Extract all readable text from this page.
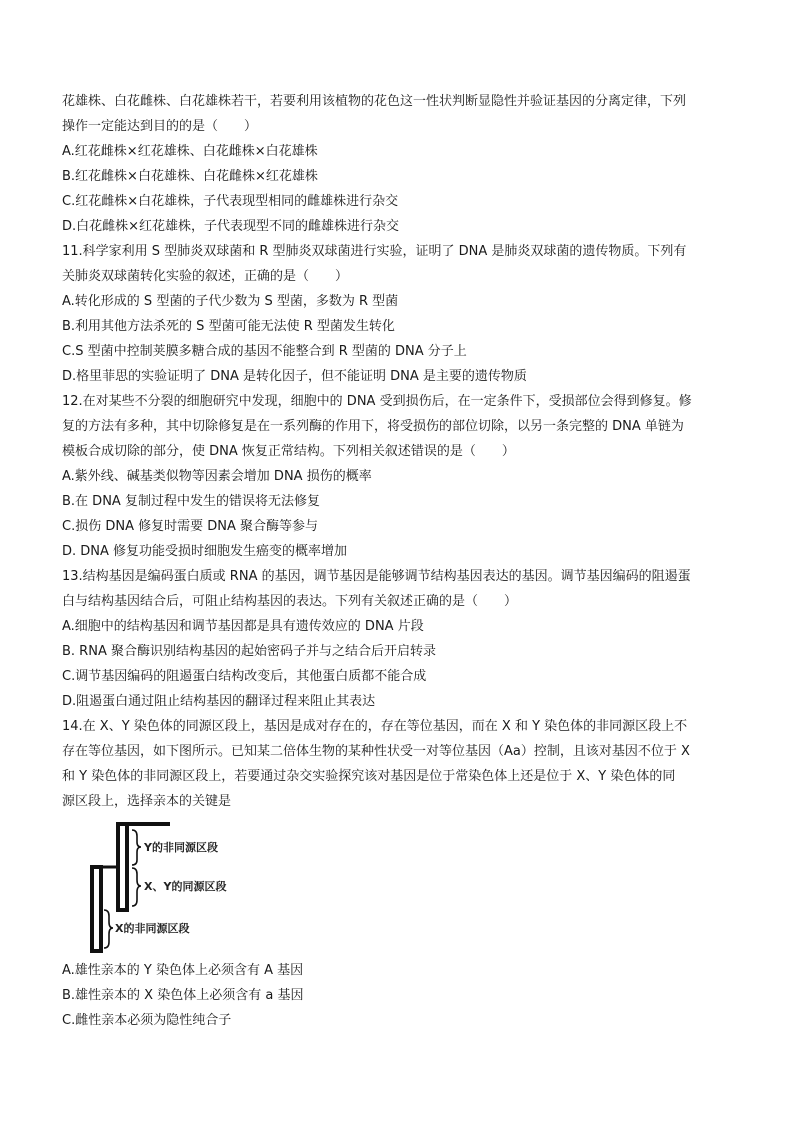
花雄株、白花雌株、白花雄株若干，若要利用该植物的花色这一性状判断显隐性并验证基因的分离定律，下列
操作一定能达到目的的是（　　）
A.红花雌株×红花雄株、白花雌株×白花雄株
B.红花雌株×白花雄株、白花雌株×红花雄株
C.红花雌株×白花雄株，子代表现型相同的雌雄株进行杂交
D.白花雌株×红花雄株，子代表现型不同的雌雄株进行杂交
11.科学家利用 S 型肺炎双球菌和 R 型肺炎双球菌进行实验，证明了 DNA 是肺炎双球菌的遗传物质。下列有
关肺炎双球菌转化实验的叙述，正确的是（　　）
A.转化形成的 S 型菌的子代少数为 S 型菌，多数为 R 型菌
B.利用其他方法杀死的 S 型菌可能无法使 R 型菌发生转化
C.S 型菌中控制荚膜多糖合成的基因不能整合到 R 型菌的 DNA 分子上
D.格里菲思的实验证明了 DNA 是转化因子，但不能证明 DNA 是主要的遗传物质
12.在对某些不分裂的细胞研究中发现，细胞中的 DNA 受到损伤后，在一定条件下，受损部位会得到修复。修
复的方法有多种，其中切除修复是在一系列酶的作用下，将受损伤的部位切除，以另一条完整的 DNA 单链为
模板合成切除的部分，使 DNA 恢复正常结构。下列相关叙述错误的是（　　）
A.紫外线、碱基类似物等因素会增加 DNA 损伤的概率
B.在 DNA 复制过程中发生的错误将无法修复
C.损伤 DNA 修复时需要 DNA 聚合酶等参与
D. DNA 修复功能受损时细胞发生癌变的概率增加
13.结构基因是编码蛋白质或 RNA 的基因，调节基因是能够调节结构基因表达的基因。调节基因编码的阻遏蛋
白与结构基因结合后，可阻止结构基因的表达。下列有关叙述正确的是（　　）
A.细胞中的结构基因和调节基因都是具有遗传效应的 DNA 片段
B. RNA 聚合酶识别结构基因的起始密码子并与之结合后开启转录
C.调节基因编码的阻遏蛋白结构改变后，其他蛋白质都不能合成
D.阻遏蛋白通过阻止结构基因的翻译过程来阻止其表达
14.在 X、Y 染色体的同源区段上，基因是成对存在的，存在等位基因，而在 X 和 Y 染色体的非同源区段上不
存在等位基因，如下图所示。已知某二倍体生物的某种性状受一对等位基因（Aa）控制，且该对基因不位于 X
和 Y 染色体的非同源区段上，若要通过杂交实验探究该对基因是位于常染色体上还是位于 X、Y 染色体的同
源区段上，选择亲本的关键是
Y的非同源区段
X、Y的同源区段
X的非同源区段
A.雄性亲本的 Y 染色体上必须含有 A 基因
B.雄性亲本的 X 染色体上必须含有 a 基因
C.雌性亲本必须为隐性纯合子
